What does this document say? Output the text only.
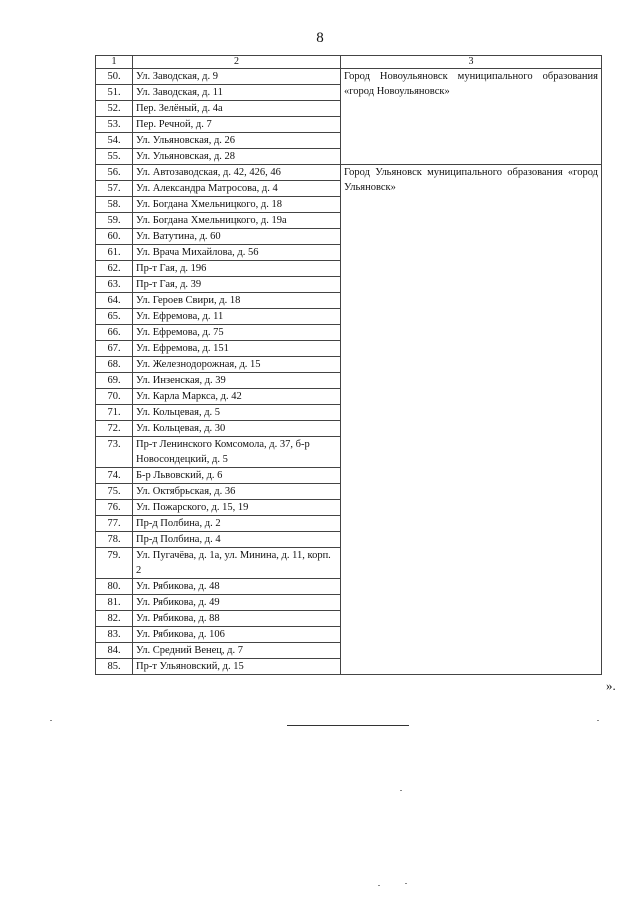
8
1	2	3
50.	Ул. Заводская, д. 9	Город Новоульяновск муниципального образования «город Новоульяновск»
51.	Ул. Заводская, д. 11	
52.	Пер. Зелёный, д. 4а	
53.	Пер. Речной, д. 7	
54.	Ул. Ульяновская, д. 26	
55.	Ул. Ульяновская, д. 28	
56.	Ул. Автозаводская, д. 42, 426, 46	Город Ульяновск муниципального образования «город Ульяновск»
57.	Ул. Александра Матросова, д. 4	
58.	Ул. Богдана Хмельницкого, д. 18	
59.	Ул. Богдана Хмельницкого, д. 19а	
60.	Ул. Ватутина, д. 60	
61.	Ул. Врача Михайлова, д. 56	
62.	Пр-т Гая, д. 196	
63.	Пр-т Гая, д. 39	
64.	Ул. Героев Свири, д. 18	
65.	Ул. Ефремова, д. 11	
66.	Ул. Ефремова, д. 75	
67.	Ул. Ефремова, д. 151	
68.	Ул. Железнодорожная, д. 15	
69.	Ул. Инзенская, д. 39	
70.	Ул. Карла Маркса, д. 42	
71.	Ул. Кольцевая, д. 5	
72.	Ул. Кольцевая, д. 30	
73.	Пр-т Ленинского Комсомола, д. 37, б-р Новосондецкий, д. 5	
74.	Б-р Львовский, д. 6	
75.	Ул. Октябрьская, д. 36	
76.	Ул. Пожарского, д. 15, 19	
77.	Пр-д Полбина, д. 2	
78.	Пр-д Полбина, д. 4	
79.	Ул. Пугачёва, д. 1а, ул. Минина, д. 11, корп. 2	
80.	Ул. Рябикова, д. 48	
81.	Ул. Рябикова, д. 49	
82.	Ул. Рябикова, д. 88	
83.	Ул. Рябикова, д. 106	
84.	Ул. Средний Венец, д. 7	
85.	Пр-т Ульяновский, д. 15	
».
